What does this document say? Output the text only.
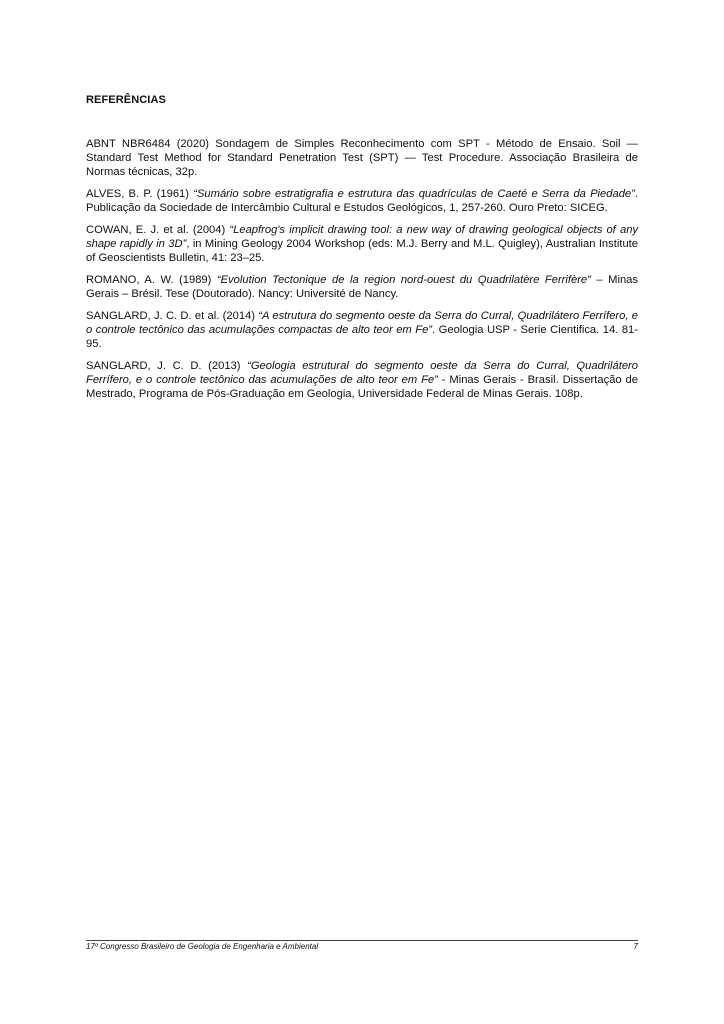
REFERÊNCIAS
ABNT NBR6484 (2020) Sondagem de Simples Reconhecimento com SPT - Método de Ensaio. Soil — Standard Test Method for Standard Penetration Test (SPT) — Test Procedure. Associação Brasileira de Normas técnicas, 32p.
ALVES, B. P. (1961) “Sumário sobre estratigrafia e estrutura das quadrículas de Caeté e Serra da Piedade”. Publicação da Sociedade de Intercâmbio Cultural e Estudos Geológicos, 1, 257-260. Ouro Preto: SICEG.
COWAN, E. J. et al. (2004) “Leapfrog's implicit drawing tool: a new way of drawing geological objects of any shape rapidly in 3D”, in Mining Geology 2004 Workshop (eds: M.J. Berry and M.L. Quigley), Australian Institute of Geoscientists Bulletin, 41: 23–25.
ROMANO, A. W. (1989) “Evolution Tectonique de la region nord-ouest du Quadrilatère Ferrifère” – Minas Gerais – Brésil. Tese (Doutorado). Nancy: Université de Nancy.
SANGLARD, J. C. D. et al. (2014) “A estrutura do segmento oeste da Serra do Curral, Quadrilátero Ferrífero, e o controle tectônico das acumulações compactas de alto teor em Fe”. Geologia USP - Serie Cientifica. 14. 81-95.
SANGLARD, J. C. D. (2013) “Geologia estrutural do segmento oeste da Serra do Curral, Quadrilátero Ferrífero, e o controle tectônico das acumulações de alto teor em Fe” - Minas Gerais - Brasil. Dissertação de Mestrado, Programa de Pós-Graduação em Geologia, Universidade Federal de Minas Gerais. 108p.
17º Congresso Brasileiro de Geologia de Engenharia e Ambiental	7
